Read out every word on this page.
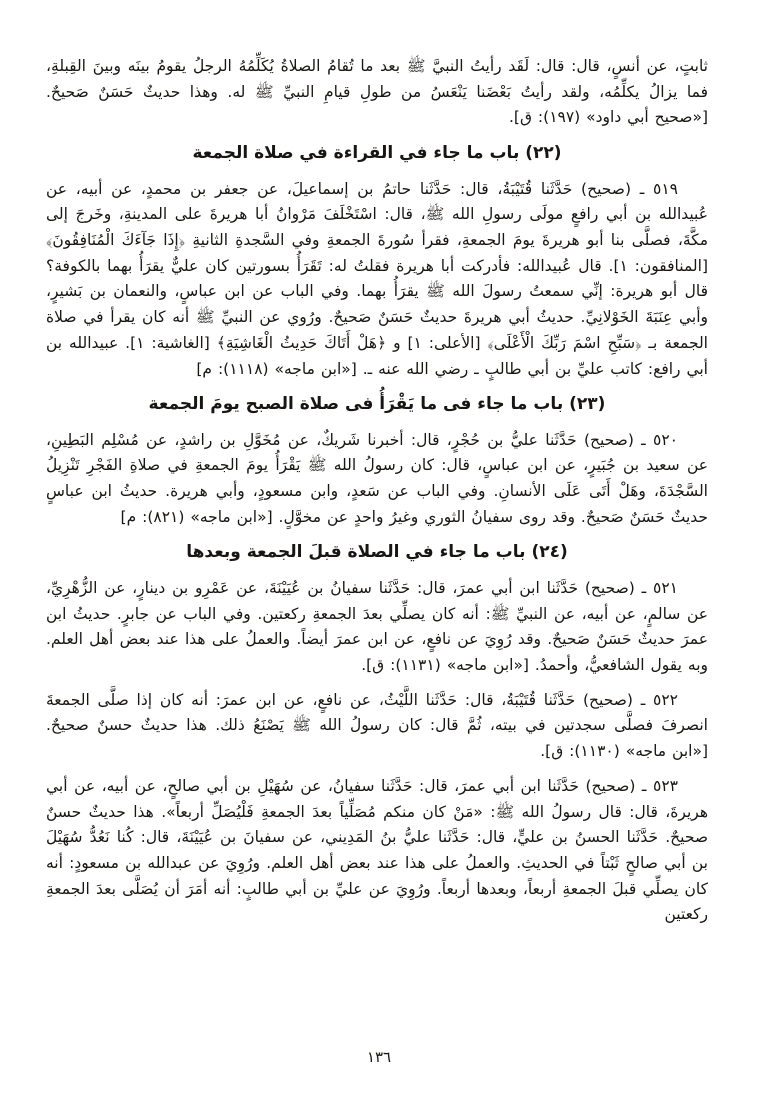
ثابتٍ، عن أنسٍ، قال: قال: لَقَد رأيتُ النبيَّ ﷺ بعد ما تُقامُ الصلاةُ يُكَلِّمُهُ الرجلُ يقومُ بينَه وبينَ القِبلةِ، فما يزالُ يكلِّمُه، ولقد رأيتُ بَعْضَنا يَنْعَسُ من طولِ قيامِ النبيِّ ﷺ له. وهذا حديثٌ حَسَنٌ صَحيحٌ. [«صحيح أبي داود» (١٩٧): ق].

(٢٢) باب ما جاء في القراءة في صلاة الجمعة

٥١٩ ـ (صحيح) حَدَّثَنا قُتَيْبَةُ، قال: حَدَّثَنا حاتمُ بن إسماعيلَ، عن جعفر بن محمدٍ، عن أبيه، عن عُبيدالله بن أبي رافعٍ مولَى رسولِ الله ﷺ، قال: اسْتَخْلَفَ مَرْوانُ أبا هريرةَ على المدينةِ، وخَرجَ إلى مكَّةَ، فصلَّى بنا أبو هريرةَ يومَ الجمعةِ، فقرأ سُورةَ الجمعةِ وفي السَّجدةِ الثانيةِ ﴿إِذَا جَآءَكَ الْمُنَافِقُونَ﴾ [المنافقون: ١]. قال عُبيدالله: فأدركت أبا هريرة فقلتُ له: تَقَرَأُ بسورتين كان عليٌّ يقرَأُ بهما بالكوفة؟ قال أبو هريرة: إنِّي سمعتُ رسولَ الله ﷺ يقرَأُ بهما. وفي الباب عن ابن عباسٍ، والنعمان بن بَشيرٍ، وأبي عِنَبَةَ الخَوْلانِيِّ. حديثُ أبي هريرةَ حديثٌ حَسَنٌ صَحيحٌ. ورُوي عن النبيِّ ﷺ أنه كان يقرأ في صلاة الجمعة بـ ﴿سَبِّحِ اسْمَ رَبِّكَ الْأَعْلَى﴾ [الأعلى: ١] و ﴿هَلْ أَتَاكَ حَدِيثُ الْغَاشِيَةِ﴾ [الغاشية: ١]. عبيدالله بن أبي رافع: كاتب عليِّ بن أبي طالبٍ ـ رضي الله عنه ـ. [«ابن ماجه» (١١١٨): م]

(٢٣) باب ما جاء فى ما يَقْرَأُ فى صلاة الصبح يومَ الجمعة

٥٢٠ ـ (صحيح) حَدَّثَنا عليُّ بن حُجْرٍ، قال: أخبرنا شَريكٌ، عن مُخَوَّلِ بن راشدٍ، عن مُسْلِم البَطِينِ، عن سعيد بن جُبَيرٍ، عن ابن عباسٍ، قال: كان رسولُ الله ﷺ يَقْرَأُ يومَ الجمعةِ في صلاةِ الفَجْرِ تَنْزِيلُ السَّجْدَةَ، وهَلْ أَتَى عَلَى الأنسانِ. وفي الباب عن سَعدٍ، وابن مسعودٍ، وأبي هريرة. حديثُ ابن عباسٍ حديثٌ حَسَنٌ صَحيحٌ. وقد روى سفيانُ الثوري وغيرُ واحدٍ عن مخوَّلٍ. [«ابن ماجه» (٨٢١): م]

(٢٤) باب ما جاء في الصلاة قبلَ الجمعة وبعدها

٥٢١ ـ (صحيح) حَدَّثَنا ابن أبي عمرَ، قال: حَدَّثَنا سفيانُ بن عُيَيْنَةَ، عن عَمْرِو بن دينارٍ، عن الزُّهْرِيِّ، عن سالمٍ، عن أبيه، عن النبيِّ ﷺ: أنه كان يصلِّي بعدَ الجمعةِ ركعتين. وفي الباب عن جابرٍ. حديثُ ابن عمرَ حديثٌ حَسَنٌ صَحيحٌ. وقد رُوِيَ عن نافعٍ، عن ابن عمرَ أيضاً. والعملُ على هذا عند بعض أهل العلم. وبه يقول الشافعيُّ، وأحمدُ. [«ابن ماجه» (١١٣١): ق].

٥٢٢ ـ (صحيح) حَدَّثَنا قُتَيْبَةُ، قال: حَدَّثَنا اللَّيْثُ، عن نافعٍ، عن ابن عمرَ: أنه كان إذا صلَّى الجمعةَ انصرفَ فصلَّى سجدتين في بيته، ثُمَّ قال: كان رسولُ الله ﷺ يَصْنَعُ ذلك. هذا حديثٌ حسنٌ صحيحٌ. [«ابن ماجه» (١١٣٠): ق].

٥٢٣ ـ (صحيح) حَدَّثَنا ابن أبي عمرَ، قال: حَدَّثَنا سفيانُ، عن سُهَيْلِ بن أبي صالحٍ، عن أبيه، عن أبي هريرةَ، قال: قال رسولُ الله ﷺ: «مَنْ كان منكم مُصَلِّياً بعدَ الجمعةِ فَلْيُصَلِّ أربعاً». هذا حديثٌ حسنٌ صحيحٌ. حَدَّثَنا الحسنُ بن عليٍّ، قال: حَدَّثَنا عليُّ بنُ المَدِيني، عن سفيانَ بن عُيَيْنَةَ، قال: كُنا نَعُدُّ سُهَيْلَ بن أبي صالحٍ ثَبْتاً في الحديثِ. والعملُ على هذا عند بعض أهل العلم. ورُوِيَ عن عبدالله بن مسعودٍ: أنه كان يصلِّي قبلَ الجمعةِ أربعاً، وبعدها أربعاً. ورُوِيَ عن عليِّ بن أبي طالبٍ: أنه أمَرَ أن يُصَلَّى بعدَ الجمعةِ ركعتين

١٣٦
